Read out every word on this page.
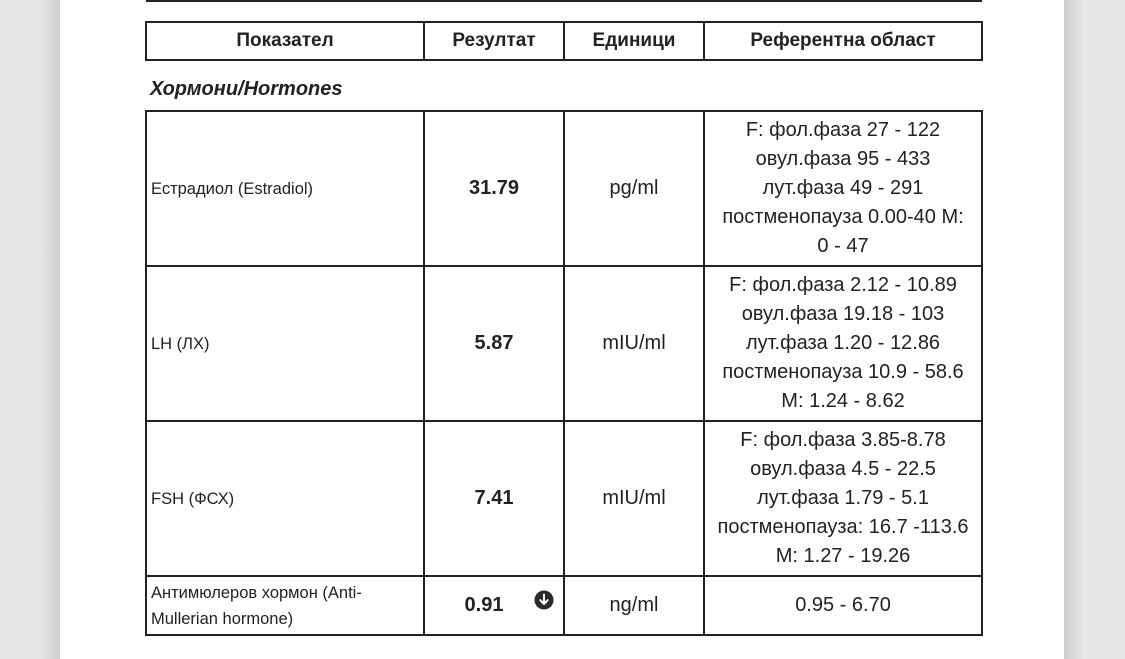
Показател	Резултат	Единици	Референтна област
Хормони/Hormones
Естрадиол (Estradiol)	31.79	pg/ml	F: фол.фаза 27 - 122
овул.фаза 95 - 433
лут.фаза 49 - 291
постменопауза 0.00-40 M:
0 - 47

LH (ЛХ)	5.87	mIU/ml	F: фол.фаза 2.12 - 10.89
овул.фаза 19.18 - 103
лут.фаза 1.20 - 12.86
постменопауза 10.9 - 58.6
M: 1.24 - 8.62

FSH (ФСХ)	7.41	mIU/ml	F: фол.фаза 3.85-8.78
овул.фаза 4.5 - 22.5
лут.фаза 1.79 - 5.1
постменопауза: 16.7 -113.6
M: 1.27 - 19.26

Антимюлеров хормон (Anti-
Mullerian hormone)	0.91	ng/ml	0.95 - 6.70
